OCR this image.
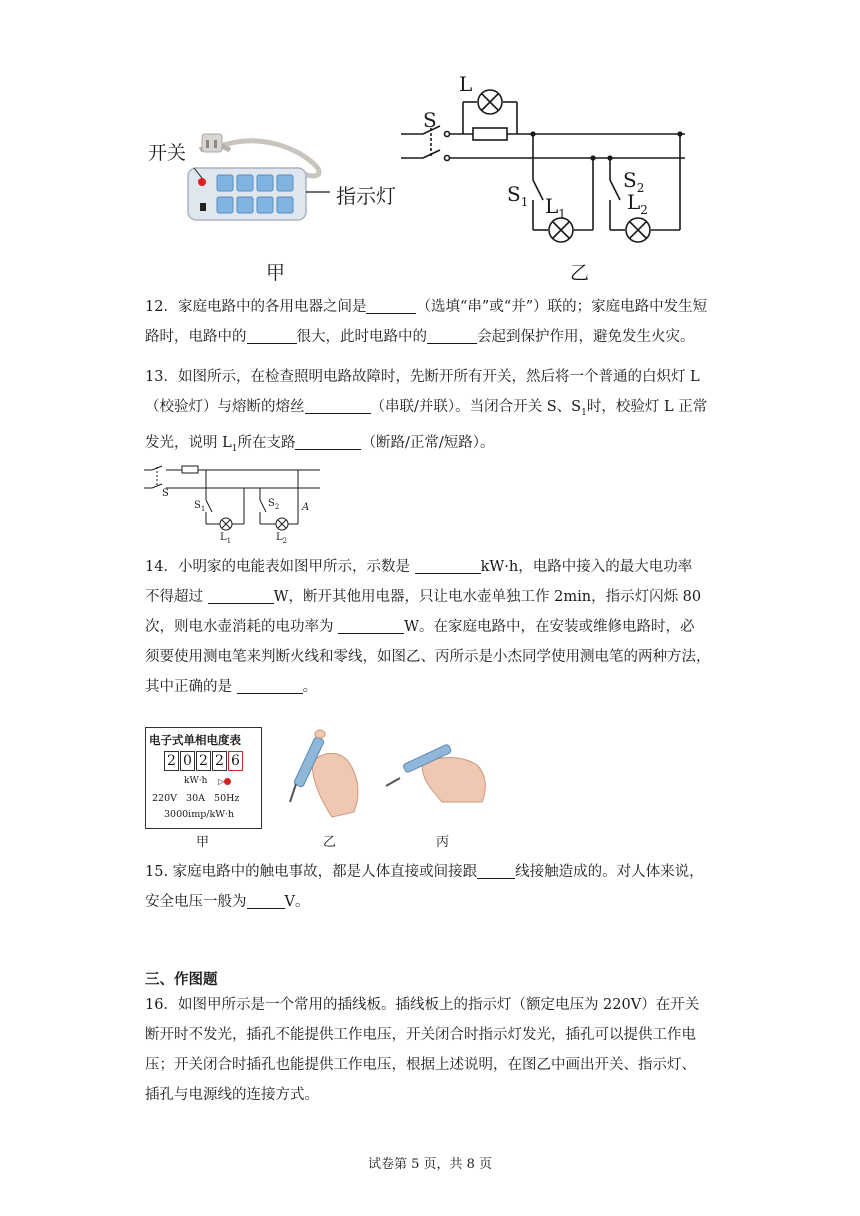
开关
指示灯
甲
L
S
$S_1$ $L_1$
$S_2$
$L_2$
乙
12．家庭电路中的各用电器之间是	（选填“串”或“并”）联的；家庭电路中发生短
路时，电路中的	很大，此时电路中的	会起到保护作用，避免发生火灾。
13．如图所示，在检查照明电路故障时，先断开所有开关，然后将一个普通的白炽灯 L
（校验灯）与熔断的熔丝	（串联/并联）。当闭合开关 S、$S_1$时，校验灯 L 正常
发光，说明 $L_1$所在支路	（断路/正常/短路）。
S
$S_1$	$S_2$ A
$L_1$	$L_2$
14．小明家的电能表如图甲所示，示数是	kW·h，电路中接入的最大电功率
不得超过	W，断开其他用电器，只让电水壶单独工作 2min，指示灯闪烁 80
次，则电水壶消耗的电功率为	W。在家庭电路中，在安装或维修电路时，必
须要使用测电笔来判断火线和零线，如图乙、丙所示是小杰同学使用测电笔的两种方法，
其中正确的是	。
电子式单相电度表
2 0 2 2 6
kW·h ▷
220V   30A   50Hz
3000imp/kW·h
甲	乙	丙
15. 家庭电路中的触电事故，都是人体直接或间接跟	线接触造成的。对人体来说，
安全电压一般为	V。
三、作图题
16．如图甲所示是一个常用的插线板。插线板上的指示灯（额定电压为 220V）在开关
断开时不发光，插孔不能提供工作电压，开关闭合时指示灯发光，插孔可以提供工作电
压；开关闭合时插孔也能提供工作电压，根据上述说明，在图乙中画出开关、指示灯、
插孔与电源线的连接方式。
试卷第 5 页，共 8 页
